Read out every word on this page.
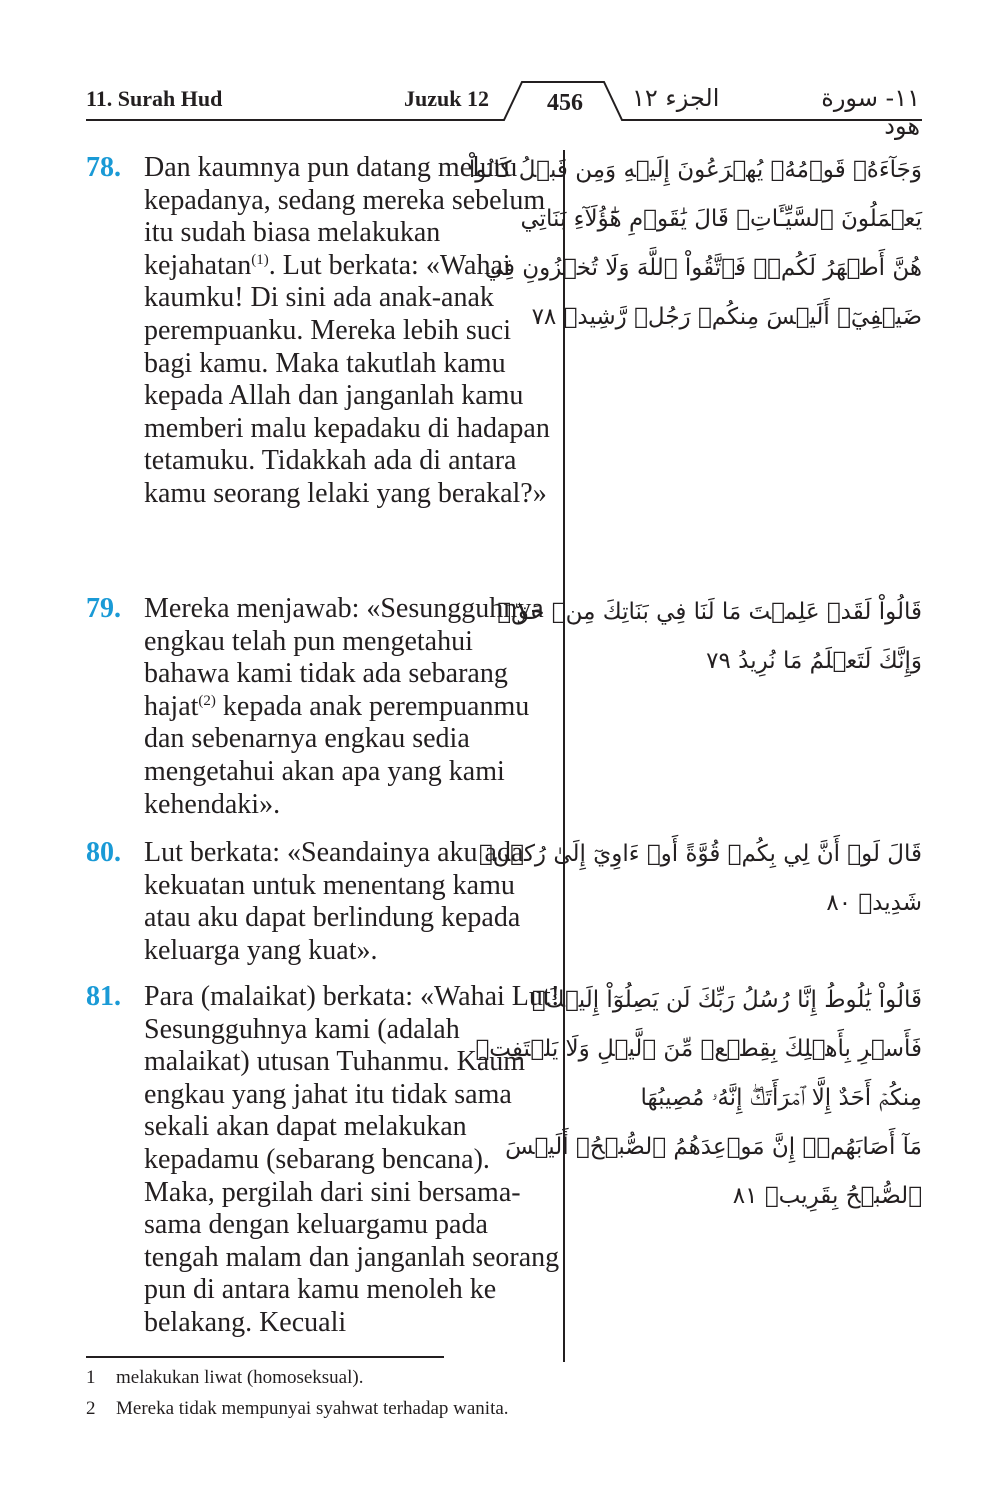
11. Surah Hud	Juzuk 12	456	الجزء ١٢	١١- سورة هود
78. Dan kaumnya pun datang meluru kepadanya, sedang mereka sebelum itu sudah biasa melakukan kejahatan$^{(1)}$. Lut berkata: «Wahai kaumku! Di sini ada anak-anak perempuanku. Mereka lebih suci bagi kamu. Maka takutlah kamu kepada Allah dan janganlah kamu memberi malu kepadaku di hadapan tetamuku. Tidakkah ada di antara kamu seorang lelaki yang berakal?»
وَجَآءَهُۥ قَوۡمُهُۥ يُهۡرَعُونَ إِلَيۡهِ وَمِن قَبۡلُ كَانُواْ
يَعۡمَلُونَ ٱلسَّيِّـَٔاتِۚ قَالَ يَٰقَوۡمِ هَٰٓؤُلَآءِ بَنَاتِي
هُنَّ أَطۡهَرُ لَكُمۡۖ فَٱتَّقُواْ ٱللَّهَ وَلَا تُخۡزُونِ فِي
ضَيۡفِيٓۖ أَلَيۡسَ مِنكُمۡ رَجُلٞ رَّشِيدٞ ٧٨
79. Mereka menjawab: «Sesungguhnya engkau telah pun mengetahui bahawa kami tidak ada sebarang hajat$^{(2)}$ kepada anak perempuanmu dan sebenarnya engkau sedia mengetahui akan apa yang kami kehendaki».
قَالُواْ لَقَدۡ عَلِمۡتَ مَا لَنَا فِي بَنَاتِكَ مِنۡ حَقّٖ
وَإِنَّكَ لَتَعۡلَمُ مَا نُرِيدُ ٧٩
80. Lut berkata: «Seandainya aku ada kekuatan untuk menentang kamu atau aku dapat berlindung kepada keluarga yang kuat».
قَالَ لَوۡ أَنَّ لِي بِكُمۡ قُوَّةً أَوۡ ءَاوِيٓ إِلَىٰ رُكۡنٖ
شَدِيدٖ ٨٠
81. Para (malaikat) berkata: «Wahai Lut! Sesungguhnya kami (adalah malaikat) utusan Tuhanmu. Kaum engkau yang jahat itu tidak sama sekali akan dapat melakukan kepadamu (sebarang bencana). Maka, pergilah dari sini bersama-sama dengan keluargamu pada tengah malam dan janganlah seorang pun di antara kamu menoleh ke belakang. Kecuali
قَالُواْ يَٰلُوطُ إِنَّا رُسُلُ رَبِّكَ لَن يَصِلُوٓاْ إِلَيۡكَۖ
فَأَسۡرِ بِأَهۡلِكَ بِقِطۡعٖ مِّنَ ٱلَّيۡلِ وَلَا يَلۡتَفِتۡ
مِنكُمۡ أَحَدٌ إِلَّا ٱمۡرَأَتَكَۖ إِنَّهُۥ مُصِيبُهَا
مَآ أَصَابَهُمۡۚ إِنَّ مَوۡعِدَهُمُ ٱلصُّبۡحُۚ أَلَيۡسَ
ٱلصُّبۡحُ بِقَرِيبٖ ٨١
1 melakukan liwat (homoseksual).
2 Mereka tidak mempunyai syahwat terhadap wanita.
